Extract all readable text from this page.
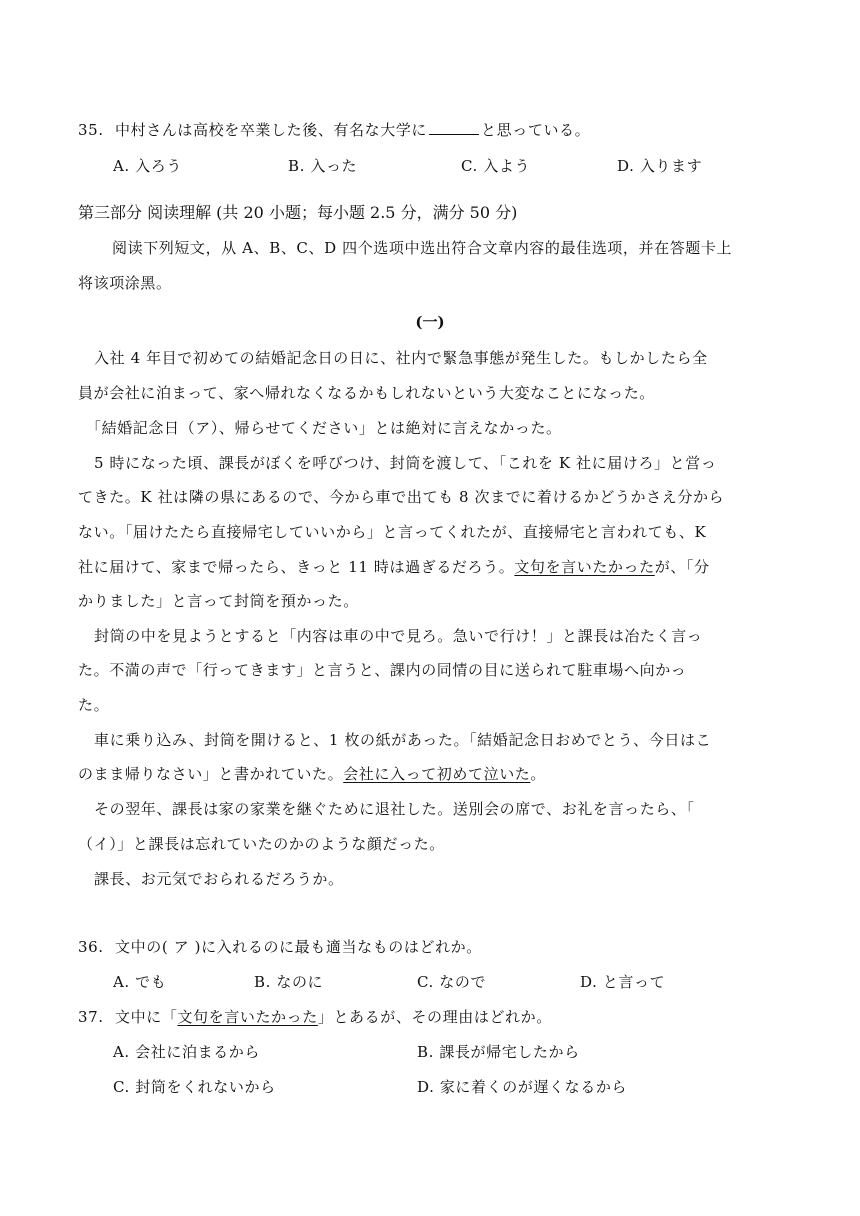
35. 中村さんは高校を卒業した後、有名な大学に	と思っている。
A. 入ろう	B. 入った	C. 入よう	D. 入ります
第三部分 阅读理解 (共 20 小题；每小题 2.5 分，满分 50 分)
阅读下列短文，从 A、B、C、D 四个选项中选出符合文章内容的最佳选项，并在答题卡上
将该项涂黑。
(一)
入社 4 年目で初めての結婚記念日の日に、社内で緊急事態が発生した。もしかしたら全
員が会社に泊まって、家へ帰れなくなるかもしれないという大変なことになった。
「結婚記念日（ア）、帰らせてください」とは絶対に言えなかった。
5 時になった頃、課長がぼくを呼びつけ、封筒を渡して、「これを K 社に届けろ」と営っ
てきた。K 社は隣の県にあるので、今から車で出ても 8 次までに着けるかどうかさえ分から
ない。「届けたたら直接帰宅していいから」と言ってくれたが、直接帰宅と言われても、K
社に届けて、家まで帰ったら、きっと 11 時は過ぎるだろう。文句を言いたかったが、「分
かりました」と言って封筒を預かった。
封筒の中を見ようとすると「内容は車の中で見ろ。急いで行け！」と課長は冶たく言っ
た。不満の声で「行ってきます」と言うと、課内の同情の目に送られて駐車場へ向かっ
た。
車に乗り込み、封筒を開けると、1 枚の紙があった。「結婚記念日おめでとう、今日はこ
のまま帰りなさい」と書かれていた。会社に入って初めて泣いた。
その翌年、課長は家の家業を継ぐために退社した。送別会の席で、お礼を言ったら、「
（イ）」と課長は忘れていたのかのような顔だった。
課長、お元気でおられるだろうか。
36. 文中の( ア )に入れるのに最も適当なものはどれか。
A. でも	B. なのに	C. なので	D. と言って
37. 文中に「文句を言いたかった」とあるが、その理由はどれか。
A. 会社に泊まるから	B. 課長が帰宅したから
C. 封筒をくれないから	D. 家に着くのが遅くなるから
